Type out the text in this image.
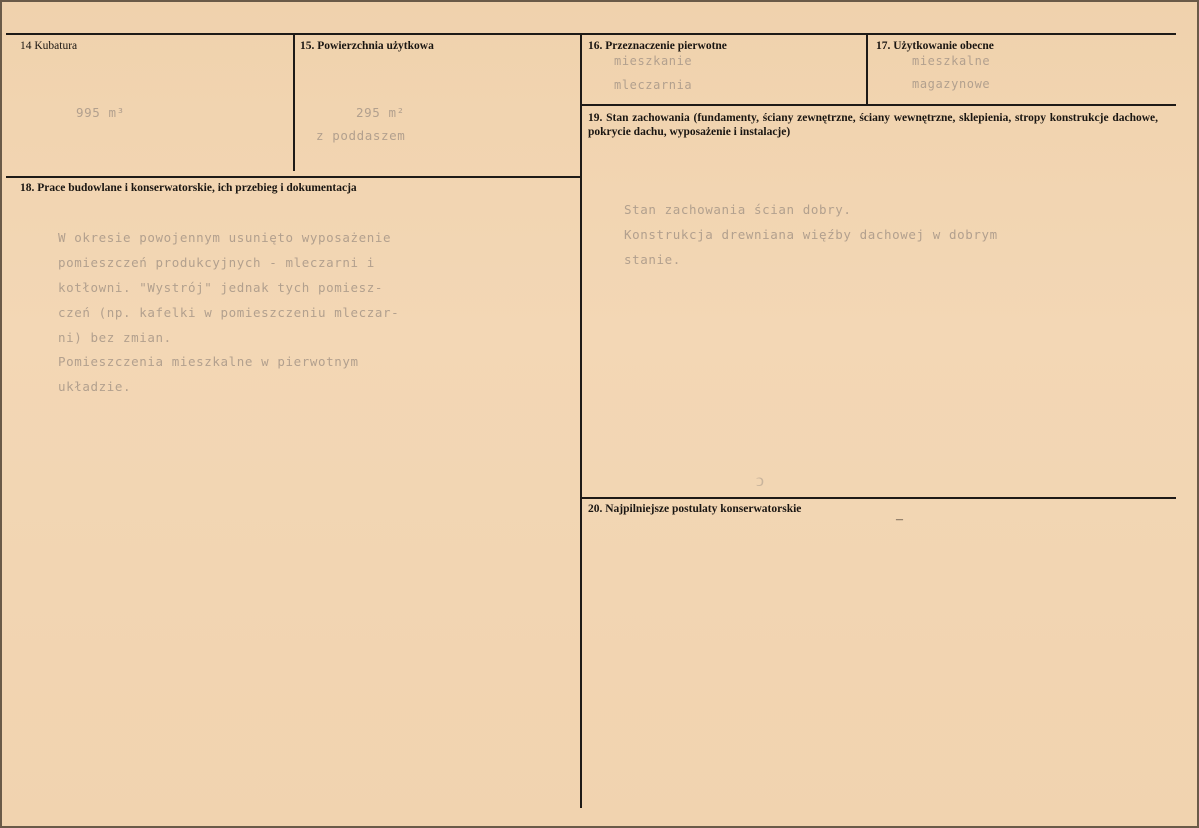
14 Kubatura
995 m³
15. Powierzchnia użytkowa
295 m²
z poddaszem
16. Przeznaczenie pierwotne
mieszkanie
mleczarnia
17. Użytkowanie obecne
mieszkalne
magazynowe
18. Prace budowlane i konserwatorskie, ich przebieg i dokumentacja
W okresie powojennym usunięto wyposażenie
pomieszczeń produkcyjnych - mleczarni i
kotłowni. "Wystrój" jednak tych pomiesz-
czeń (np. kafelki w pomieszczeniu mleczar-
ni) bez zmian.
Pomieszczenia mieszkalne w pierwotnym
układzie.
19. Stan zachowania (fundamenty, ściany zewnętrzne, ściany wewnętrzne, sklepienia, stropy konstrukcje dachowe, pokrycie dachu, wyposażenie i instalacje)
Stan zachowania ścian dobry.
Konstrukcja drewniana więźby dachowej w dobrym
stanie.
20. Najpilniejsze postulaty konserwatorskie
ↄ
‒
